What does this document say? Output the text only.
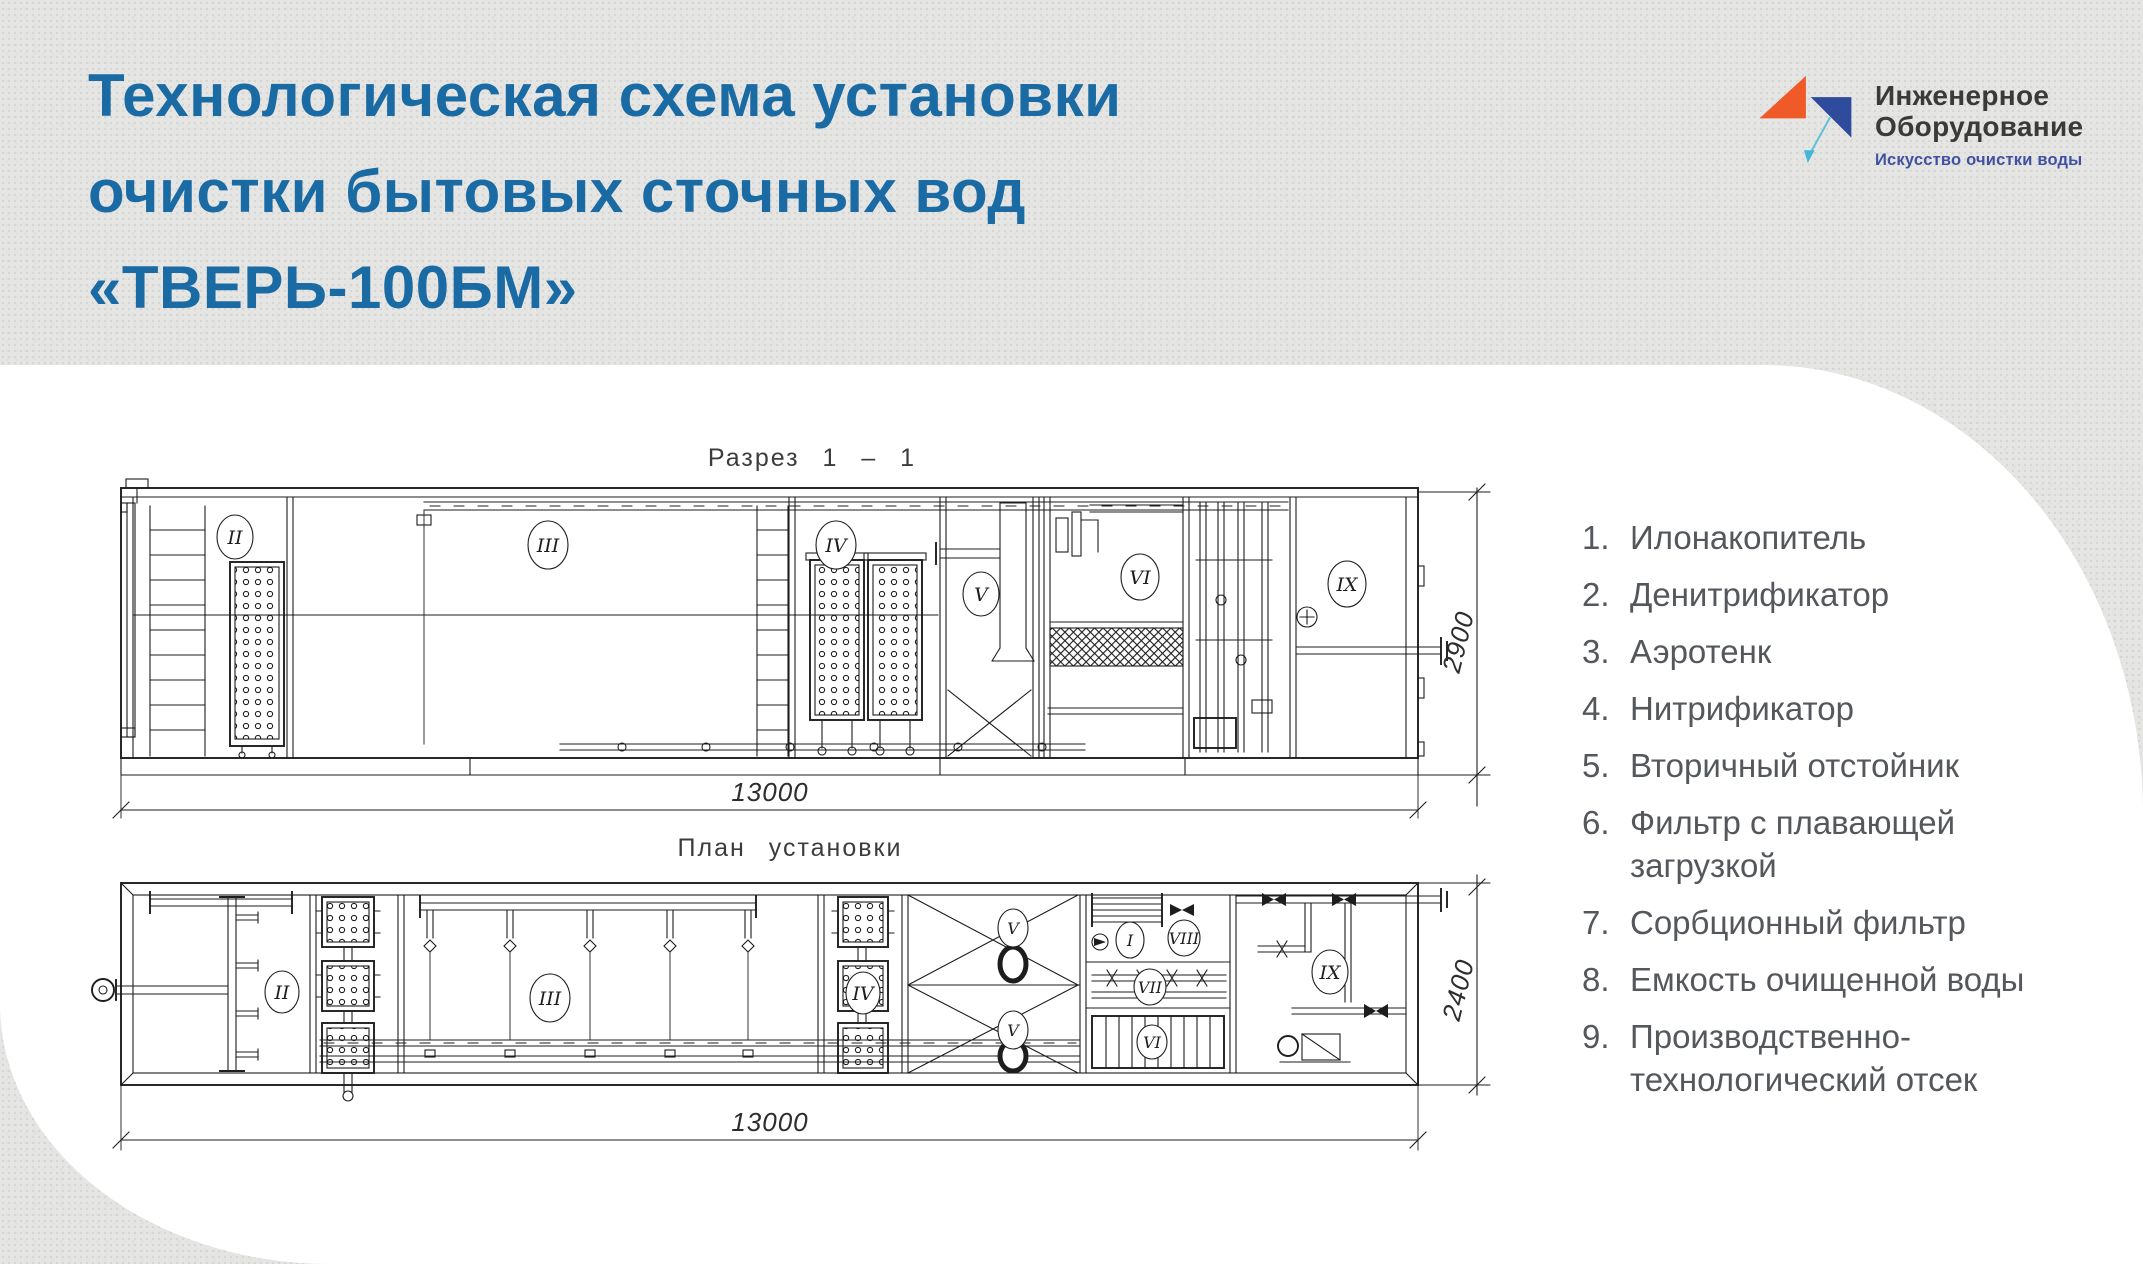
Технологическая схема установки
очистки бытовых сточных вод
«ТВЕРЬ-100БМ»
Инженерное
Оборудование
Искусство очистки воды
Разрез 1 – 1
II	III	IV
V
VI	IX
13000
2900
План установки
II	III	IV
V
V
I VIII
VII
VI
IX
13000
2400
1. Илонакопитель
2. Денитрификатор
3. Аэротенк
4. Нитрификатор
5. Вторичный отстойник
6. Фильтр с плавающей загрузкой
7. Сорбционный фильтр
8. Емкость очищенной воды
9. Производственно-технологический отсек
